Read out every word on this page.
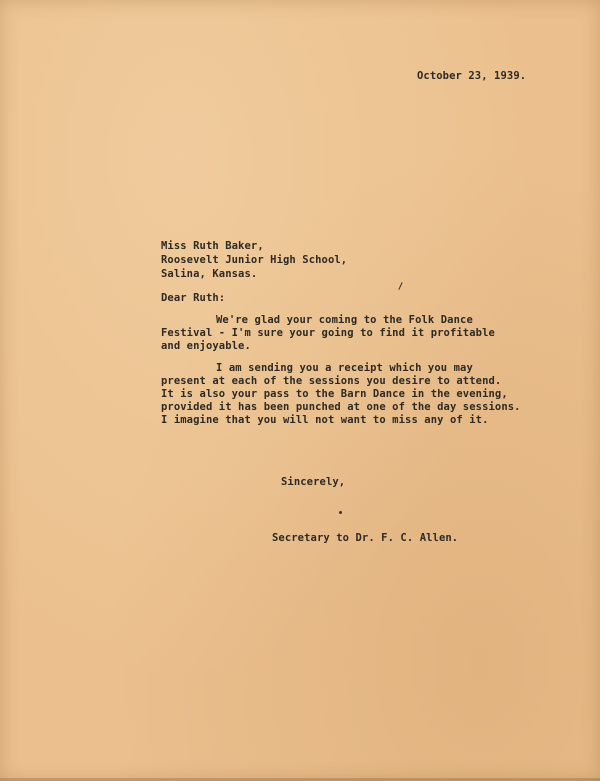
October 23, 1939.
Miss Ruth Baker,
Roosevelt Junior High School,
Salina, Kansas.
Dear Ruth:
We're glad your coming to the Folk Dance
Festival - I'm sure your going to find it profitable
and enjoyable.
I am sending you a receipt which you may
present at each of the sessions you desire to attend.
It is also your pass to the Barn Dance in the evening,
provided it has been punched at one of the day sessions.
I imagine that you will not want to miss any of it.
Sincerely,
Secretary to Dr. F. C. Allen.
